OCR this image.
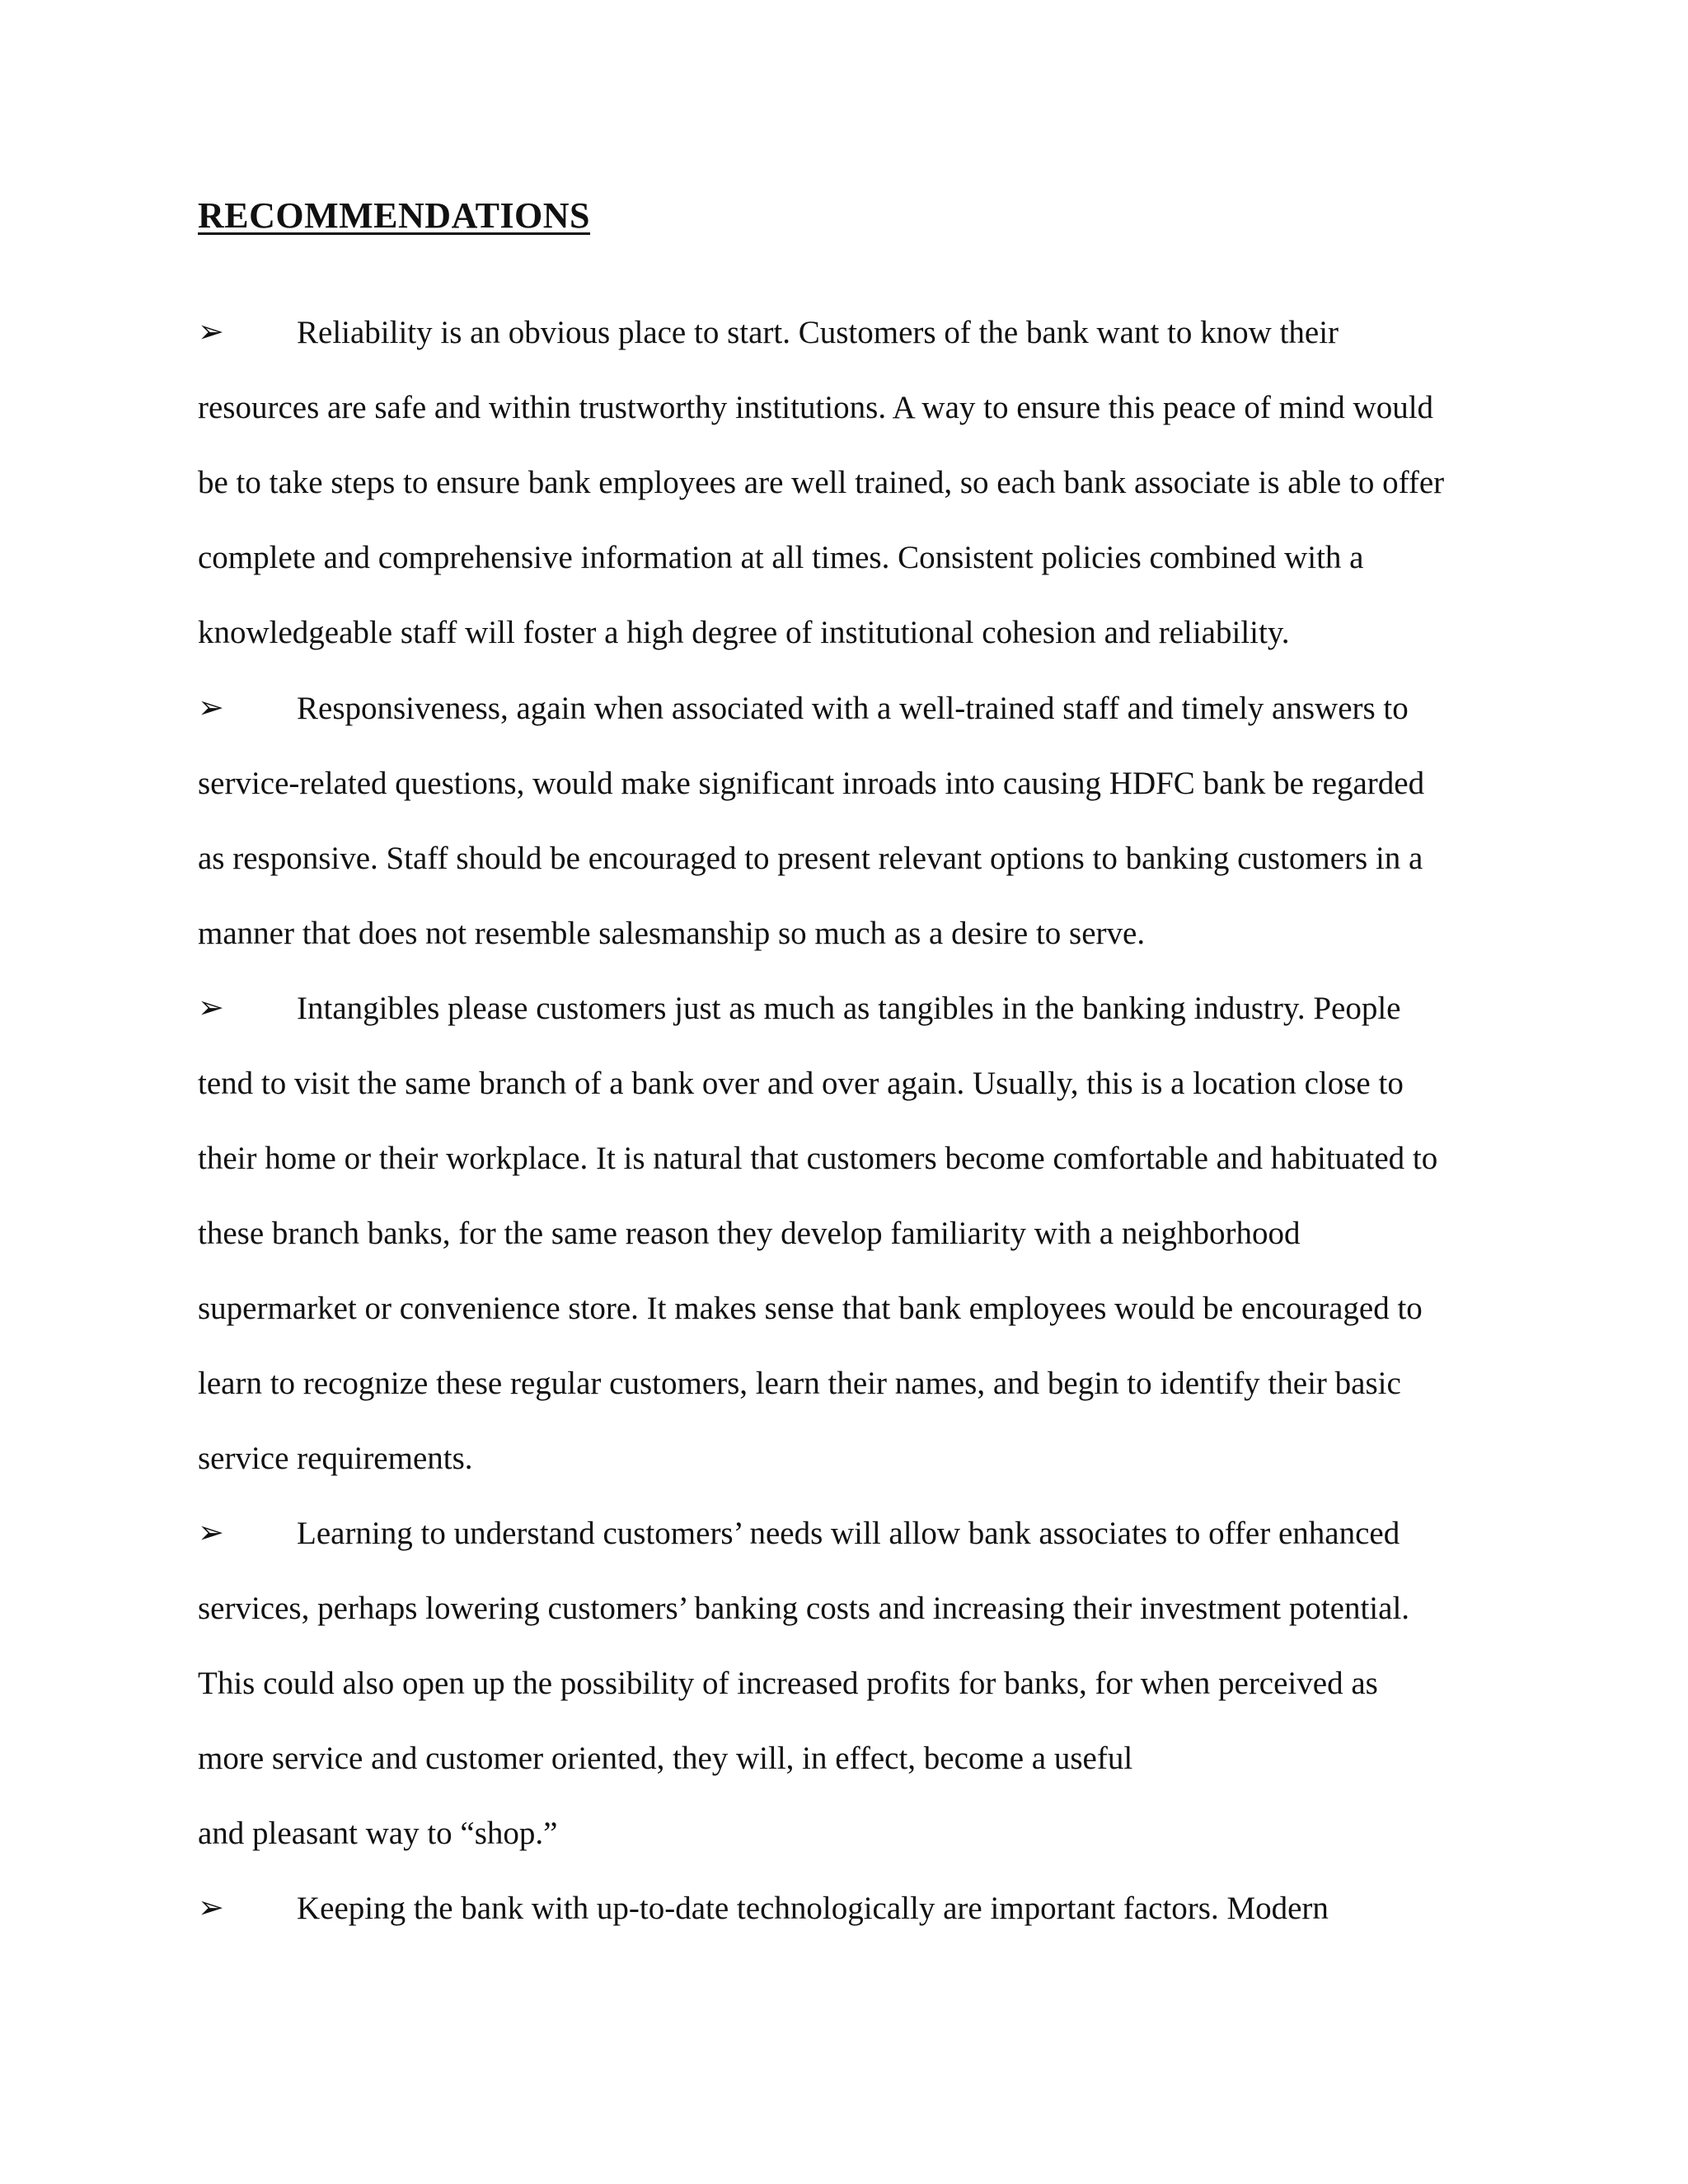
RECOMMENDATIONS
➢ Reliability is an obvious place to start. Customers of the bank want to know their
resources are safe and within trustworthy institutions. A way to ensure this peace of mind would
be to take steps to ensure bank employees are well trained, so each bank associate is able to offer
complete and comprehensive information at all times. Consistent policies combined with a
knowledgeable staff will foster a high degree of institutional cohesion and reliability.
➢ Responsiveness, again when associated with a well-trained staff and timely answers to
service-related questions, would make significant inroads into causing HDFC bank be regarded
as responsive. Staff should be encouraged to present relevant options to banking customers in a
manner that does not resemble salesmanship so much as a desire to serve.
➢ Intangibles please customers just as much as tangibles in the banking industry. People
tend to visit the same branch of a bank over and over again. Usually, this is a location close to
their home or their workplace. It is natural that customers become comfortable and habituated to
these branch banks, for the same reason they develop familiarity with a neighborhood
supermarket or convenience store. It makes sense that bank employees would be encouraged to
learn to recognize these regular customers, learn their names, and begin to identify their basic
service requirements.
➢ Learning to understand customers’ needs will allow bank associates to offer enhanced
services, perhaps lowering customers’ banking costs and increasing their investment potential.
This could also open up the possibility of increased profits for banks, for when perceived as
more service and customer oriented, they will, in effect, become a useful
and pleasant way to “shop.”
➢ Keeping the bank with up-to-date technologically are important factors. Modern
